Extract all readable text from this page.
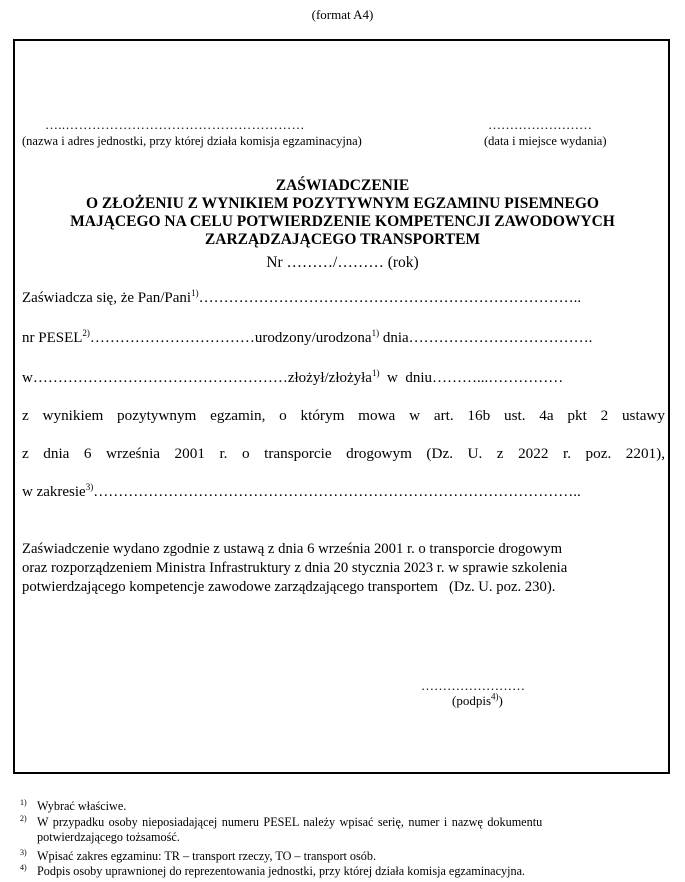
(format A4)
…..………………………………………………
(nazwa i adres jednostki, przy której działa komisja egzaminacyjna)
……………………
(data i miejsce wydania)
ZAŚWIADCZENIE
O ZŁOŻENIU Z WYNIKIEM POZYTYWNYM EGZAMINU PISEMNEGO
MAJĄCEGO NA CELU POTWIERDZENIE KOMPETENCJI ZAWODOWYCH
ZARZĄDZAJĄCEGO TRANSPORTEM
Nr ………/……… (rok)
Zaświadcza się, że Pan/Pani$^{1)}$…………………………………………………………………..
nr PESEL$^{2)}$……………………………urodzony/urodzona$^{1)}$ dnia……………………………….
w……………………………………………złożył/złożyła$^{1)}$  w  dniu………...……………
z wynikiem pozytywnym egzamin, o którym mowa w art. 16b ust. 4a pkt 2 ustawy
z dnia 6 września 2001 r. o transporcie drogowym (Dz. U. z 2022 r. poz. 2201),
w zakresie$^{3)}$……………………………………………………………………………………..
Zaświadczenie wydano zgodnie z ustawą z dnia 6 września 2001 r. o transporcie drogowym
oraz rozporządzeniem Ministra Infrastruktury z dnia 20 stycznia 2023 r. w sprawie szkolenia
potwierdzającego kompetencje zawodowe zarządzającego transportem   (Dz. U. poz. 230).
……………………
(podpis$^{4)}$)
1) Wybrać właściwe.
2) W przypadku osoby nieposiadającej numeru PESEL należy wpisać serię, numer i nazwę dokumentu
potwierdzającego tożsamość.
3) Wpisać zakres egzaminu: TR – transport rzeczy, TO – transport osób.
4) Podpis osoby uprawnionej do reprezentowania jednostki, przy której działa komisja egzaminacyjna.
